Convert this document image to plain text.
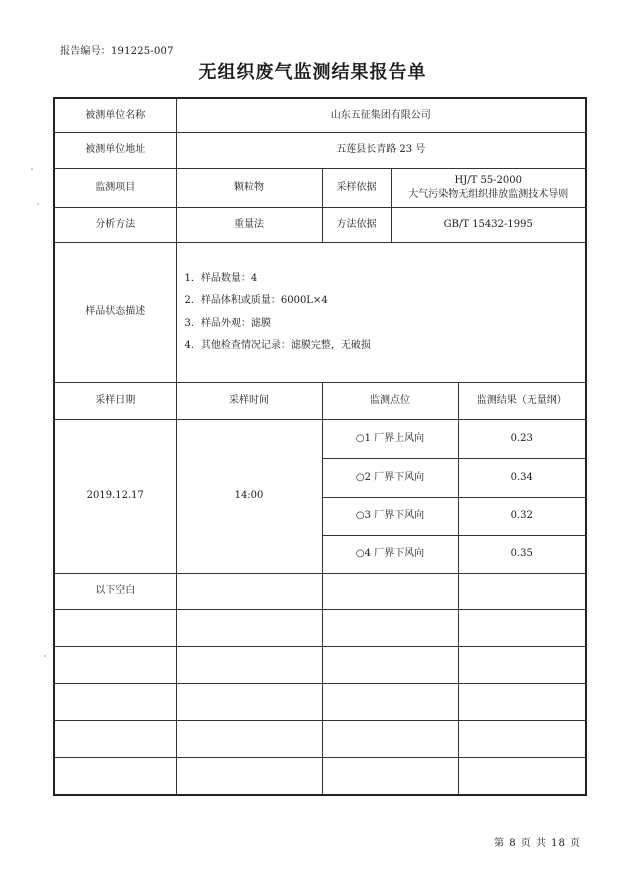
报告编号：191225-007
无组织废气监测结果报告单
被测单位名称	山东五征集团有限公司			
被测单位地址	五莲县长青路 23 号			
监测项目	颗粒物	采样依据	HJ/T 55-2000
大气污染物无组织排放监测技术导则	

分析方法	重量法	方法依据	GB/T 15432-1995	
样品状态描述	1．样品数量：4
2．样品体积或质量：6000L×4
3．样品外观：滤膜
4．其他检查情况记录：滤膜完整，无破损			

采样日期	采样时间	监测点位		监测结果（无量纲）
2019.12.17	14:00	○1 厂界上风向		0.23
		○2 厂界下风向		0.34
		○3 厂界下风向		0.32
		○4 厂界下风向		0.35
以下空白				

第 8 页 共 18 页
